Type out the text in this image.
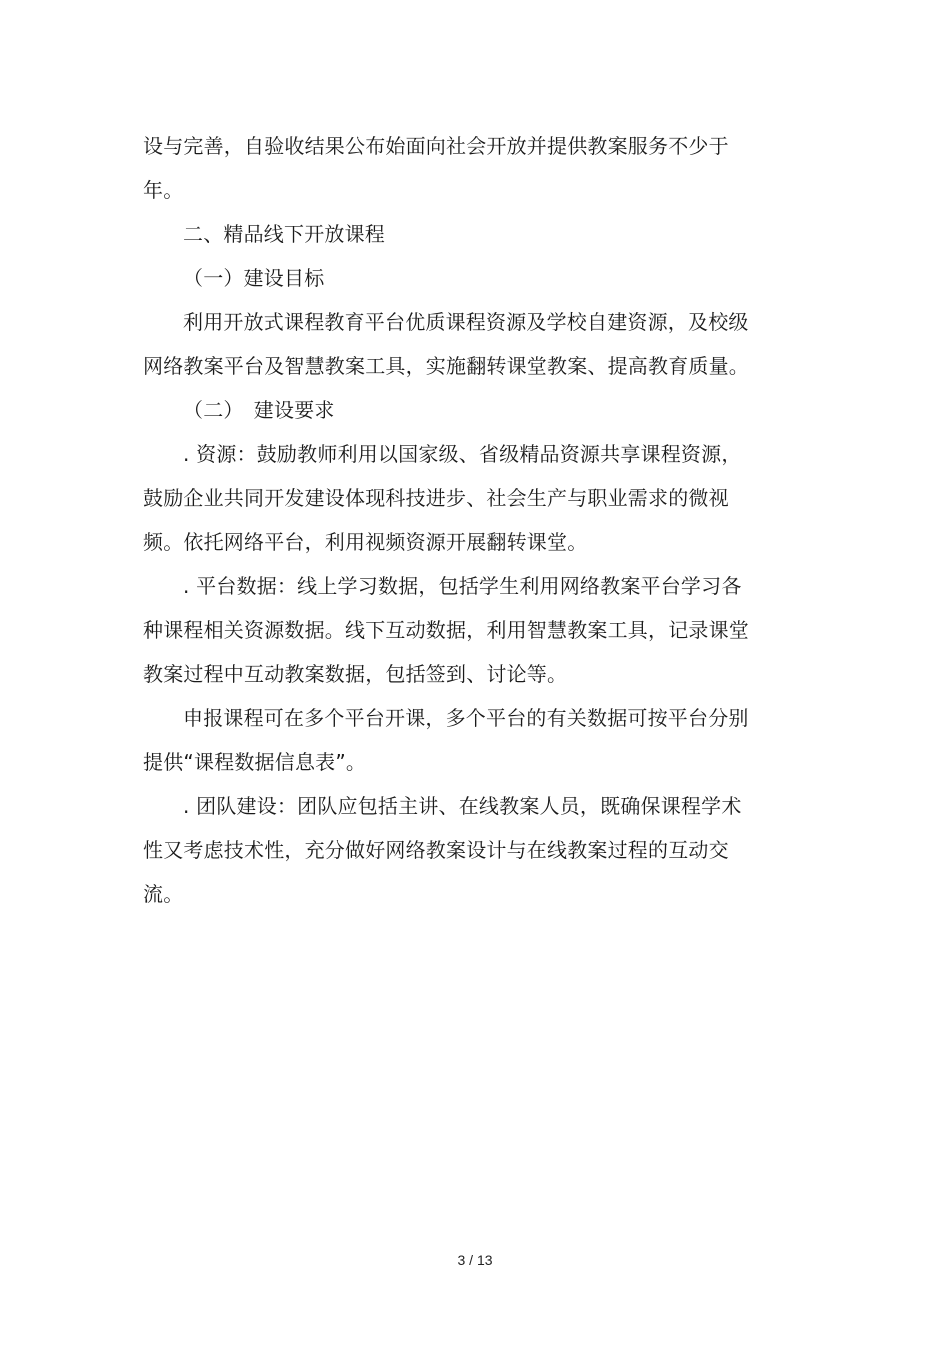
设与完善，自验收结果公布始面向社会开放并提供教案服务不少于
年。
二、精品线下开放课程
（一）建设目标
利用开放式课程教育平台优质课程资源及学校自建资源，及校级
网络教案平台及智慧教案工具，实施翻转课堂教案、提高教育质量。
（二）　建设要求
. 资源：鼓励教师利用以国家级、省级精品资源共享课程资源，
鼓励企业共同开发建设体现科技进步、社会生产与职业需求的微视
频。依托网络平台，利用视频资源开展翻转课堂。
. 平台数据：线上学习数据，包括学生利用网络教案平台学习各
种课程相关资源数据。线下互动数据，利用智慧教案工具，记录课堂
教案过程中互动教案数据，包括签到、讨论等。
申报课程可在多个平台开课，多个平台的有关数据可按平台分别
提供“课程数据信息表”。
. 团队建设：团队应包括主讲、在线教案人员，既确保课程学术
性又考虑技术性，充分做好网络教案设计与在线教案过程的互动交
流。
3 / 13
